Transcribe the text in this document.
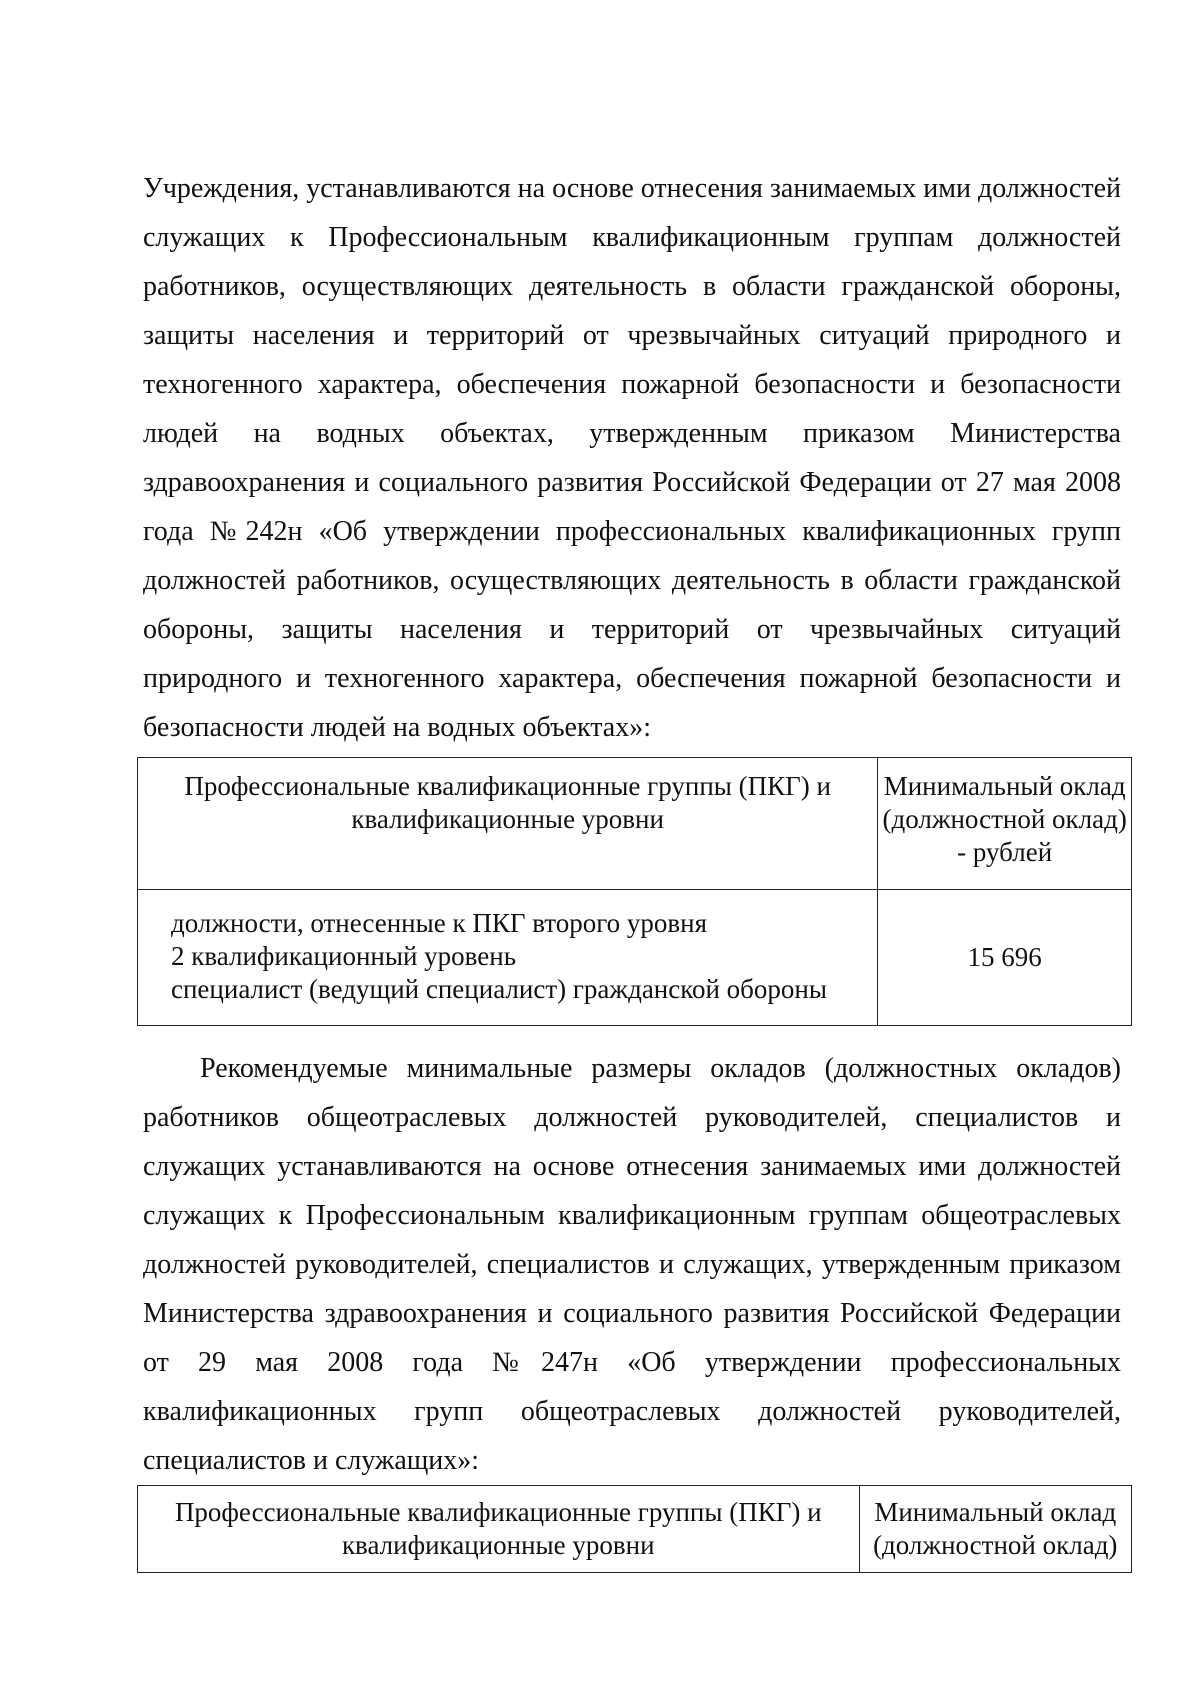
Учреждения, устанавливаются на основе отнесения занимаемых ими должностей служащих к Профессиональным квалификационным группам должностей работников, осуществляющих деятельность в области гражданской обороны, защиты населения и территорий от чрезвычайных ситуаций природного и техногенного характера, обеспечения пожарной безопасности и безопасности людей на водных объектах, утвержденным приказом Министерства здравоохранения и социального развития Российской Федерации от 27 мая 2008 года №242н «Об утверждении профессиональных квалификационных групп должностей работников, осуществляющих деятельность в области гражданской обороны, защиты населения и территорий от чрезвычайных ситуаций природного и техногенного характера, обеспечения пожарной безопасности и безопасности людей на водных объектах»:

Профессиональные квалификационные группы (ПКГ) и квалификационные уровни	Минимальный оклад (должностной оклад) - рублей

должности, отнесенные к ПКГ второго уровня
2 квалификационный уровень
специалист (ведущий специалист) гражданской обороны	15 696

Рекомендуемые минимальные размеры окладов (должностных окладов) работников общеотраслевых должностей руководителей, специалистов и служащих устанавливаются на основе отнесения занимаемых ими должностей служащих к Профессиональным квалификационным группам общеотраслевых должностей руководителей, специалистов и служащих, утвержденным приказом Министерства здравоохранения и социального развития Российской Федерации от 29 мая 2008 года №247н «Об утверждении профессиональных квалификационных групп общеотраслевых должностей руководителей, специалистов и служащих»:

Профессиональные квалификационные группы (ПКГ) и квалификационные уровни	Минимальный оклад (должностной оклад)
